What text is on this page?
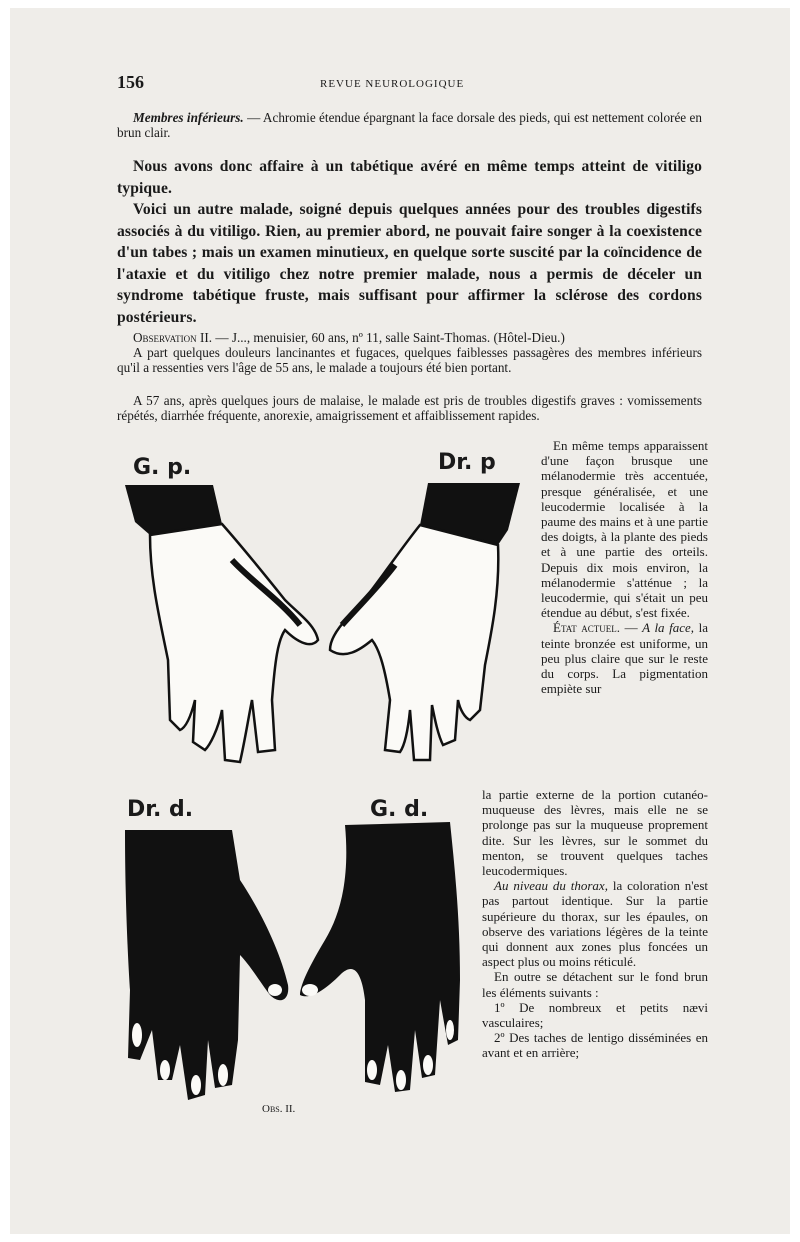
156	REVUE NEUROLOGIQUE
Membres inférieurs. — Achromie étendue épargnant la face dorsale des pieds, qui est nettement colorée en brun clair.
Nous avons donc affaire à un tabétique avéré en même temps atteint de vitiligo typique.
Voici un autre malade, soigné depuis quelques années pour des troubles digestifs associés à du vitiligo. Rien, au premier abord, ne pouvait faire songer à la coexistence d'un tabes ; mais un examen minutieux, en quelque sorte suscité par la coïncidence de l'ataxie et du vitiligo chez notre premier malade, nous a permis de déceler un syndrome tabétique fruste, mais suffisant pour affirmer la sclérose des cordons postérieurs.
Observation II. — J..., menuisier, 60 ans, nº 11, salle Saint-Thomas. (Hôtel-Dieu.)
A part quelques douleurs lancinantes et fugaces, quelques faiblesses passagères des membres inférieurs qu'il a ressenties vers l'âge de 55 ans, le malade a toujours été bien portant.
A 57 ans, après quelques jours de malaise, le malade est pris de troubles digestifs graves : vomissements répétés, diarrhée fréquente, anorexie, amaigrissement et affaiblissement rapides.
G. p.	Dr. p
Dr. d.	G. d.
Obs. II.

En même temps apparaissent d'une façon brusque une mélanodermie très accentuée, presque généralisée, et une leucodermie localisée à la paume des mains et à une partie des doigts, à la plante des pieds et à une partie des orteils. Depuis dix mois environ, la mélanodermie s'atténue ; la leucodermie, qui s'était un peu étendue au début, s'est fixée.

État actuel. — A la face, la teinte bronzée est uniforme, un peu plus claire que sur le reste du corps. La pigmentation empiète sur

la partie externe de la portion cutanéo-muqueuse des lèvres, mais elle ne se prolonge pas sur la muqueuse proprement dite. Sur les lèvres, sur le sommet du menton, se trouvent quelques taches leucodermiques.

Au niveau du thorax, la coloration n'est pas partout identique. Sur la partie supérieure du thorax, sur les épaules, on observe des variations légères de la teinte qui donnent aux zones plus foncées un aspect plus ou moins réticulé.

En outre se détachent sur le fond brun les éléments suivants :

1º De nombreux et petits nævi vasculaires;

2º Des taches de lentigo disséminées en avant et en arrière;
